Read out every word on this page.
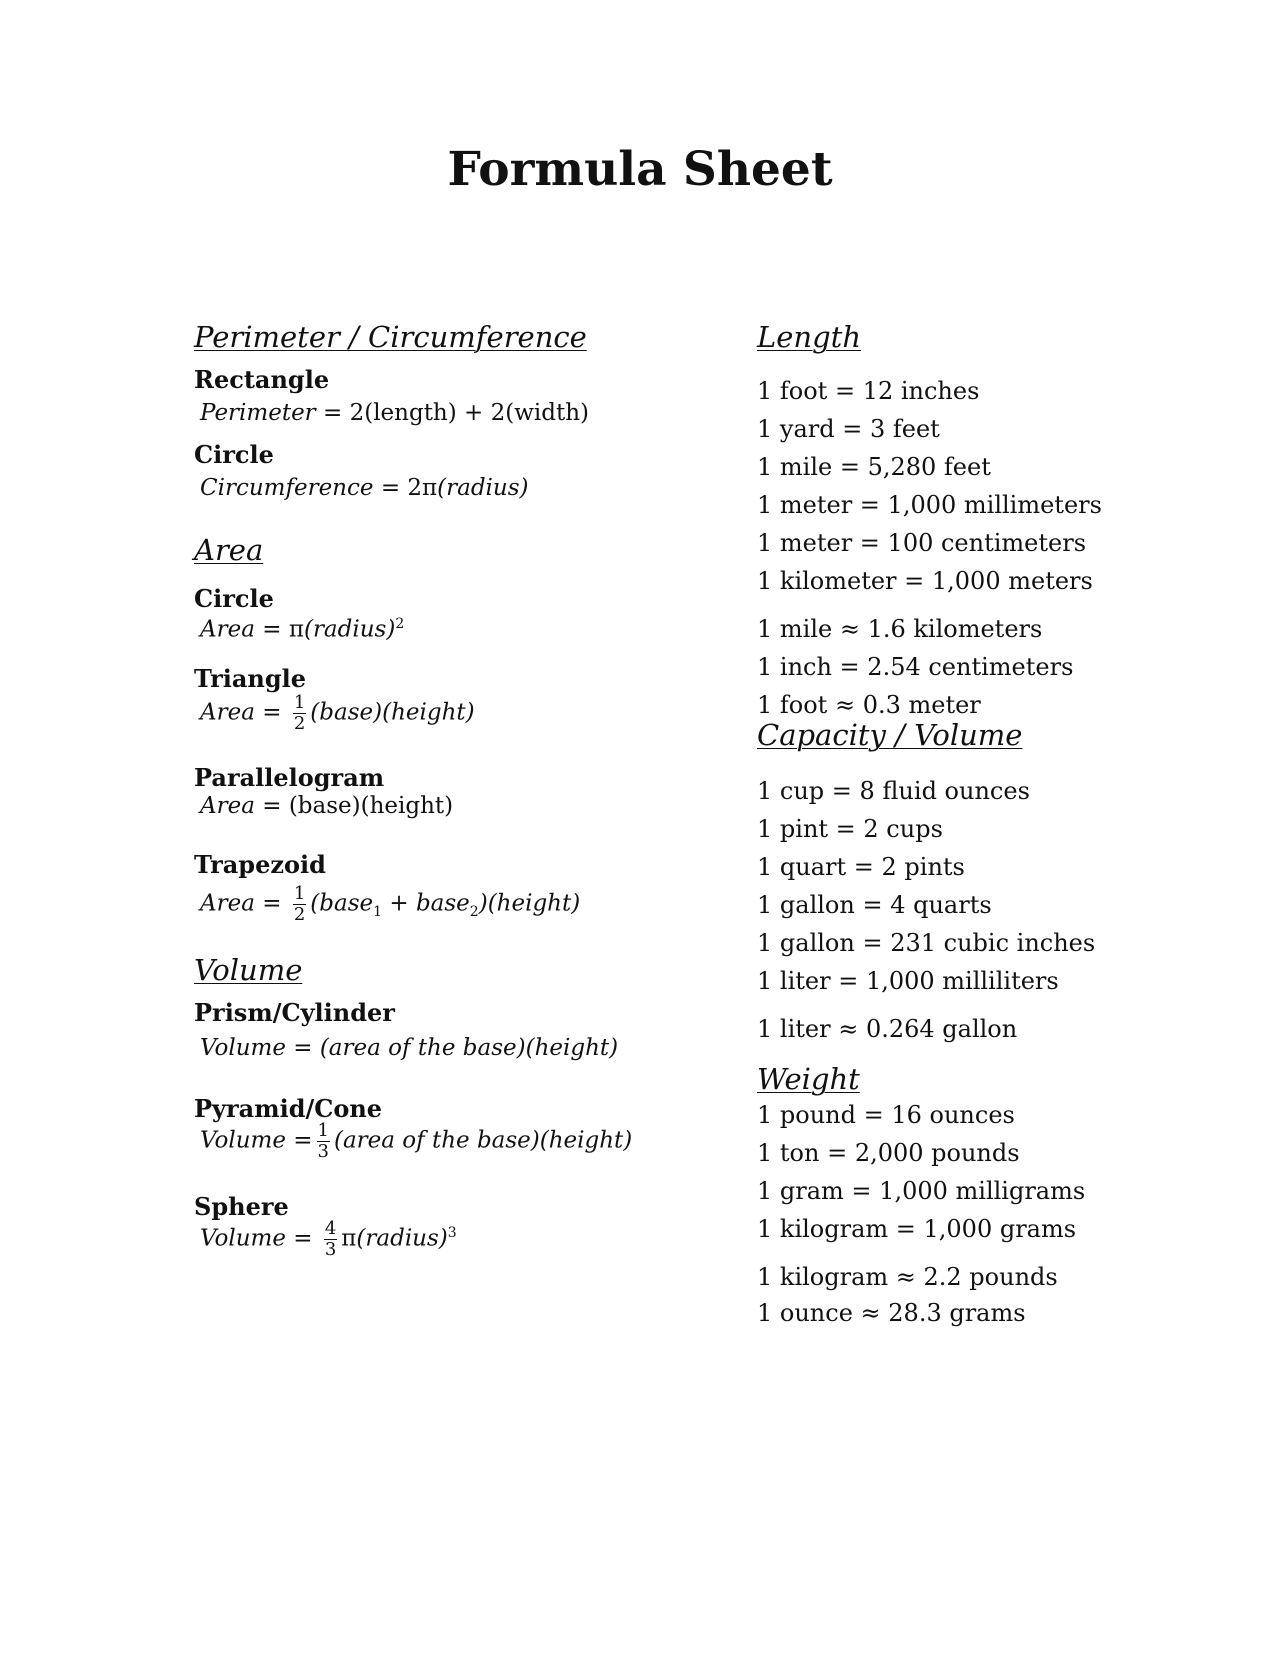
Formula Sheet

Perimeter / Circumference

Rectangle

Perimeter = 2(length) + 2(width)

Circle

Circumference = 2π(radius)

Area

Circle

Area = π(radius)$^2$

Triangle

Area = $\frac{1}{2}$ (base)(height)

Parallelogram

Area = (base)(height)

Trapezoid

Area = $\frac{1}{2}$ (base$_1$ + base$_2$)(height)

Volume

Prism/Cylinder

Volume = (area of the base)(height)

Pyramid/Cone

Volume = $\frac{1}{3}$ (area of the base)(height)

Sphere

Volume = $\frac{4}{3}$ π(radius)$^3$

Length

1 foot = 12 inches

1 yard = 3 feet

1 mile = 5,280 feet

1 meter = 1,000 millimeters

1 meter = 100 centimeters

1 kilometer = 1,000 meters

1 mile ≈ 1.6 kilometers

1 inch = 2.54 centimeters

1 foot ≈ 0.3 meter

Capacity / Volume

1 cup = 8 fluid ounces

1 pint = 2 cups

1 quart = 2 pints

1 gallon = 4 quarts

1 gallon = 231 cubic inches

1 liter = 1,000 milliliters

1 liter ≈ 0.264 gallon

Weight

1 pound = 16 ounces

1 ton = 2,000 pounds

1 gram = 1,000 milligrams

1 kilogram = 1,000 grams

1 kilogram ≈ 2.2 pounds

1 ounce ≈ 28.3 grams
